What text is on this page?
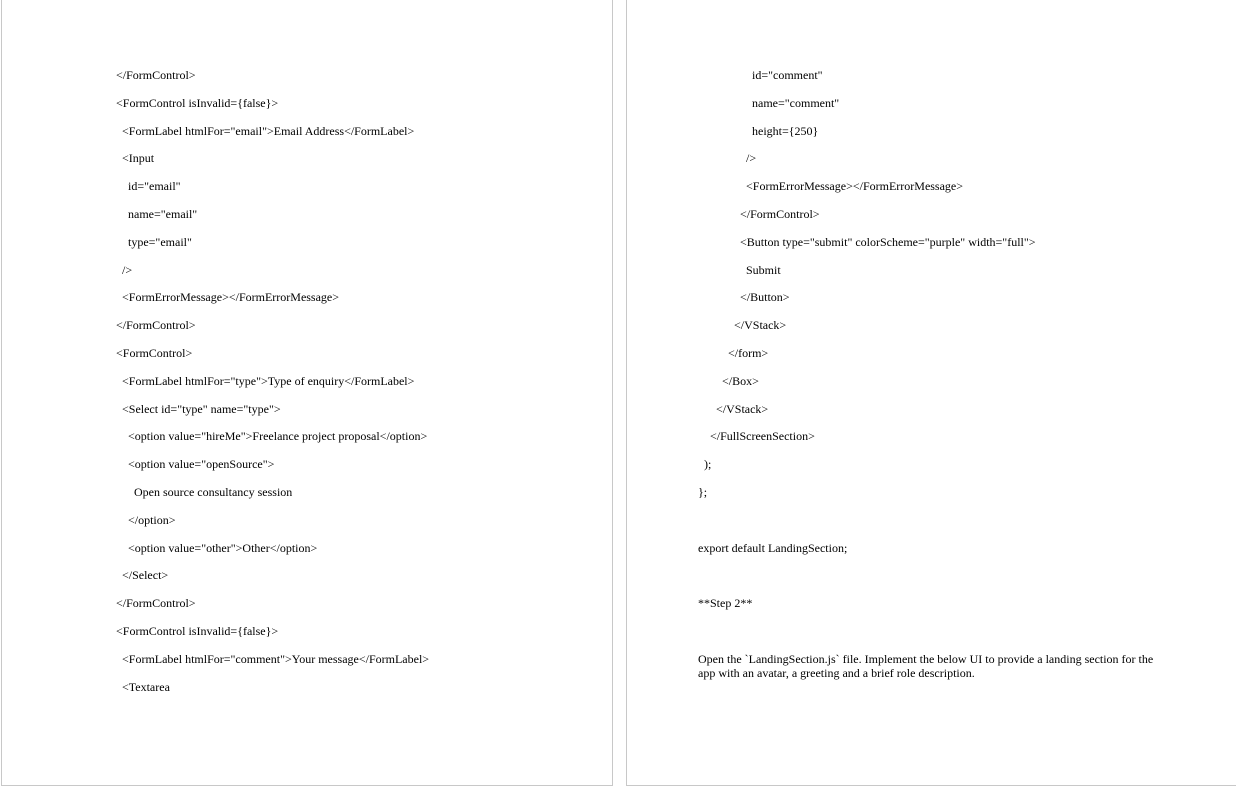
</FormControl>

<FormControl isInvalid={false}>

<FormLabel htmlFor="email">Email Address</FormLabel>

<Input

id="email"

name="email"

type="email"

/>

<FormErrorMessage></FormErrorMessage>

</FormControl>

<FormControl>

<FormLabel htmlFor="type">Type of enquiry</FormLabel>

<Select id="type" name="type">

<option value="hireMe">Freelance project proposal</option>

<option value="openSource">

Open source consultancy session

</option>

<option value="other">Other</option>

</Select>

</FormControl>

<FormControl isInvalid={false}>

<FormLabel htmlFor="comment">Your message</FormLabel>

<Textarea

id="comment"

name="comment"

height={250}

/>

<FormErrorMessage></FormErrorMessage>

</FormControl>

<Button type="submit" colorScheme="purple" width="full">

Submit

</Button>

</VStack>

</form>

</Box>

</VStack>

</FullScreenSection>

);

};

export default LandingSection;

**Step 2**

Open the `LandingSection.js` file. Implement the below UI to provide a landing section for the app with an avatar, a greeting and a brief role description.
